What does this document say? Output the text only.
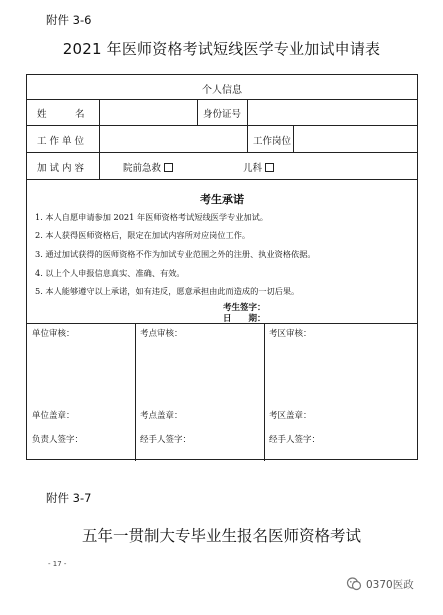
附件 3-6
2021 年医师资格考试短线医学专业加试申请表
个人信息
姓　　　名	身份证号
工 作 单 位	工作岗位
加 试 内 容	院前急救	儿科
考生承诺
1. 本人自愿申请参加 2021 年医师资格考试短线医学专业加试。
2. 本人获得医师资格后，限定在加试内容所对应岗位工作。
3. 通过加试获得的医师资格不作为加试专业范围之外的注册、执业资格依据。
4. 以上个人申报信息真实、准确、有效。
5. 本人能够遵守以上承诺，如有违反，愿意承担由此而造成的一切后果。
考生签字：
日　　期：
单位审核：	考点审核：	考区审核：
单位盖章：	考点盖章：	考区盖章：
负责人签字：	经手人签字：	经手人签字：
附件 3-7
五年一贯制大专毕业生报名医师资格考试
- 17 -
0370医政
